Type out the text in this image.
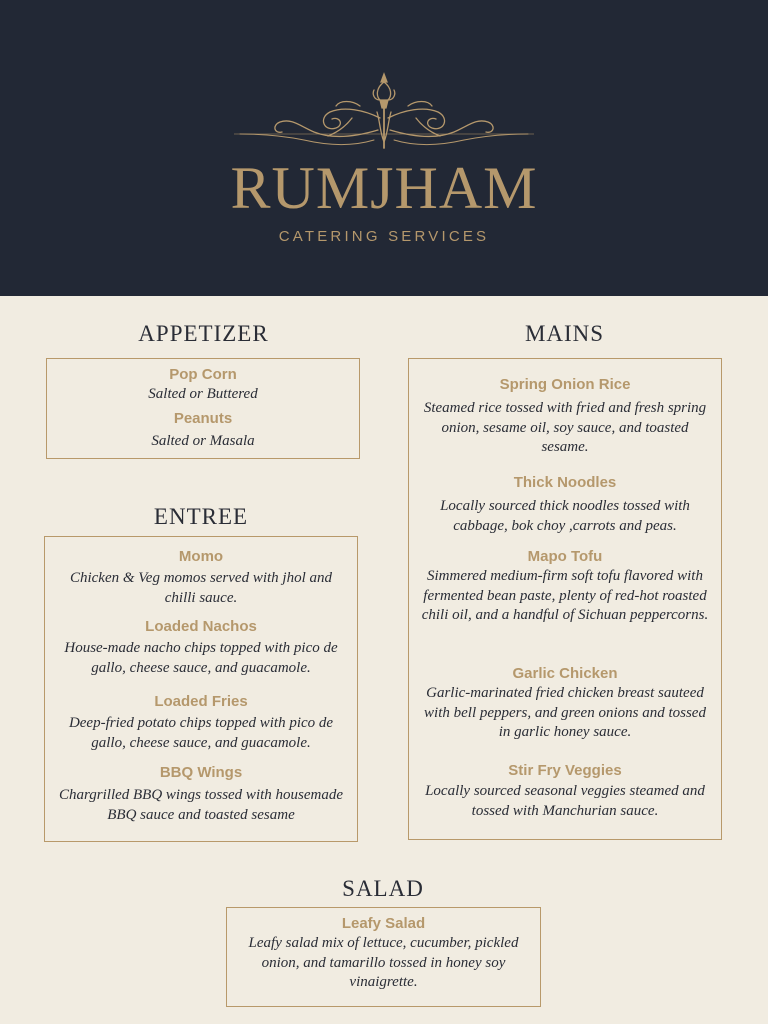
RUMJHAM
CATERING SERVICES
APPETIZER
Pop Corn
Salted or Buttered
Peanuts
Salted or Masala
ENTREE
Momo
Chicken & Veg momos served with jhol and chilli sauce.
Loaded Nachos
House-made nacho chips topped with pico de gallo, cheese sauce, and guacamole.
Loaded Fries
Deep-fried potato chips topped with pico de gallo, cheese sauce, and guacamole.
BBQ Wings
Chargrilled BBQ wings tossed with housemade BBQ sauce and toasted sesame
MAINS
Spring Onion Rice
Steamed rice tossed with fried and fresh spring onion, sesame oil, soy sauce, and toasted sesame.
Thick Noodles
Locally sourced thick noodles tossed with cabbage, bok choy ,carrots and peas.
Mapo Tofu
Simmered medium-firm soft tofu flavored with fermented bean paste, plenty of red-hot roasted chili oil, and a handful of Sichuan peppercorns.
Garlic Chicken
Garlic-marinated fried chicken breast sauteed with bell peppers, and green onions and tossed in garlic honey sauce.
Stir Fry Veggies
Locally sourced seasonal veggies steamed and tossed with Manchurian sauce.
SALAD
Leafy Salad
Leafy salad mix of lettuce, cucumber, pickled onion, and tamarillo tossed in honey soy vinaigrette.
